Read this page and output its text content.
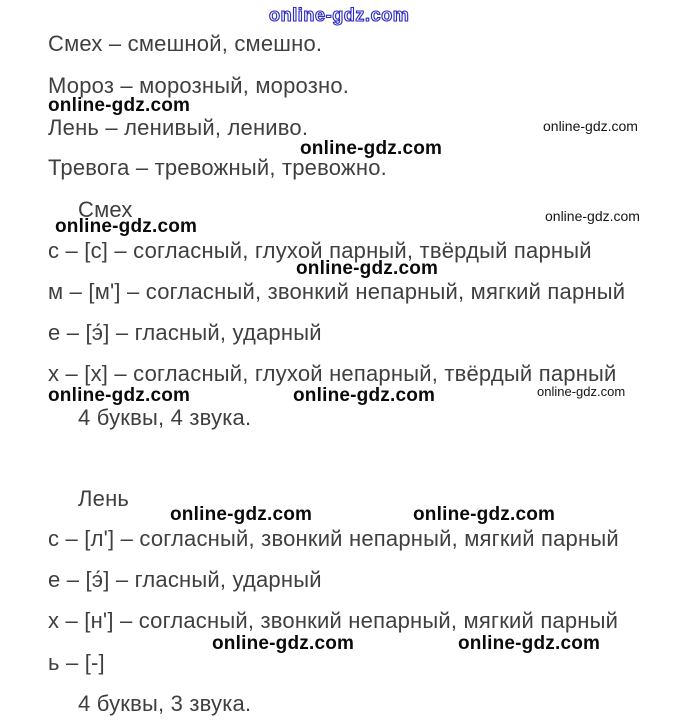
online-gdz.com
Смех – смешной, смешно.
Мороз – морозный, морозно.
online-gdz.com
Лень – ленивый, лениво.	online-gdz.com
online-gdz.com
Тревога – тревожный, тревожно.
Смех	online-gdz.com
online-gdz.com
с – [с] – согласный, глухой парный, твёрдый парный
online-gdz.com
м – [м'] – согласный, звонкий непарный, мягкий парный
е – [э́] – гласный, ударный
х – [х] – согласный, глухой непарный, твёрдый парный
online-gdz.com	online-gdz.com	online-gdz.com
4 буквы, 4 звука.
Лень
online-gdz.com	online-gdz.com
с – [л'] – согласный, звонкий непарный, мягкий парный
е – [э́] – гласный, ударный
х – [н'] – согласный, звонкий непарный, мягкий парный
online-gdz.com	online-gdz.com
ь – [-]
4 буквы, 3 звука.
